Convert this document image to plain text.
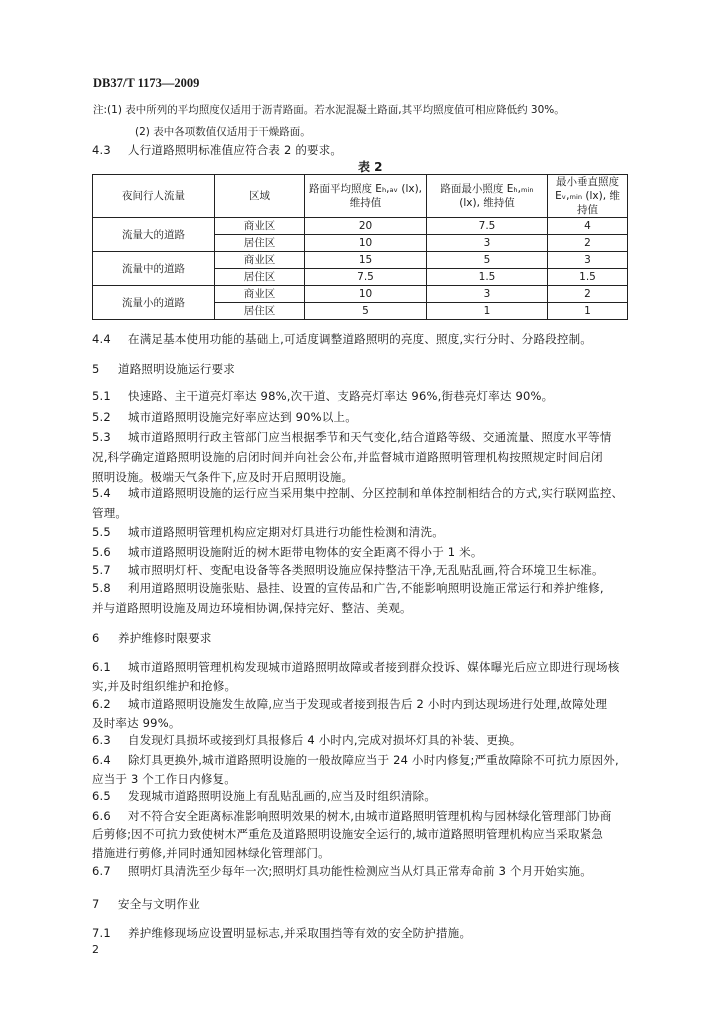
DB37/T 1173—2009
注:(1) 表中所列的平均照度仅适用于沥青路面。若水泥混凝土路面,其平均照度值可相应降低约 30%。
(2) 表中各项数值仅适用于干燥路面。
4.3 人行道路照明标准值应符合表 2 的要求。
表 2
夜间行人流量	区域	路面平均照度 Eₕ,ₐᵥ (lx), 维持值	路面最小照度 Eₕ,ₘᵢₙ (lx), 维持值	最小垂直照度 Eᵥ,ₘᵢₙ (lx), 维持值
流量大的道路	商业区	20	7.5	4
	居住区	10	3	2
流量中的道路	商业区	15	5	3
	居住区	7.5	1.5	1.5
流量小的道路	商业区	10	3	2
	居住区	5	1	1
4.4 在满足基本使用功能的基础上,可适度调整道路照明的亮度、照度,实行分时、分路段控制。
5 道路照明设施运行要求
5.1 快速路、主干道亮灯率达 98%,次干道、支路亮灯率达 96%,街巷亮灯率达 90%。
5.2 城市道路照明设施完好率应达到 90%以上。
5.3 城市道路照明行政主管部门应当根据季节和天气变化,结合道路等级、交通流量、照度水平等情
况,科学确定道路照明设施的启闭时间并向社会公布,并监督城市道路照明管理机构按照规定时间启闭
照明设施。极端天气条件下,应及时开启照明设施。
5.4 城市道路照明设施的运行应当采用集中控制、分区控制和单体控制相结合的方式,实行联网监控、
管理。
5.5 城市道路照明管理机构应定期对灯具进行功能性检测和清洗。
5.6 城市道路照明设施附近的树木距带电物体的安全距离不得小于 1 米。
5.7 城市照明灯杆、变配电设备等各类照明设施应保持整洁干净,无乱贴乱画,符合环境卫生标准。
5.8 利用道路照明设施张贴、悬挂、设置的宣传品和广告,不能影响照明设施正常运行和养护维修,
并与道路照明设施及周边环境相协调,保持完好、整洁、美观。
6 养护维修时限要求
6.1 城市道路照明管理机构发现城市道路照明故障或者接到群众投诉、媒体曝光后应立即进行现场核
实,并及时组织维护和抢修。
6.2 城市道路照明设施发生故障,应当于发现或者接到报告后 2 小时内到达现场进行处理,故障处理
及时率达 99%。
6.3 自发现灯具损坏或接到灯具报修后 4 小时内,完成对损坏灯具的补装、更换。
6.4 除灯具更换外,城市道路照明设施的一般故障应当于 24 小时内修复;严重故障除不可抗力原因外,
应当于 3 个工作日内修复。
6.5 发现城市道路照明设施上有乱贴乱画的,应当及时组织清除。
6.6 对不符合安全距离标准影响照明效果的树木,由城市道路照明管理机构与园林绿化管理部门协商
后剪修;因不可抗力致使树木严重危及道路照明设施安全运行的,城市道路照明管理机构应当采取紧急
措施进行剪修,并同时通知园林绿化管理部门。
6.7 照明灯具清洗至少每年一次;照明灯具功能性检测应当从灯具正常寿命前 3 个月开始实施。
7 安全与文明作业
7.1 养护维修现场应设置明显标志,并采取围挡等有效的安全防护措施。
2
